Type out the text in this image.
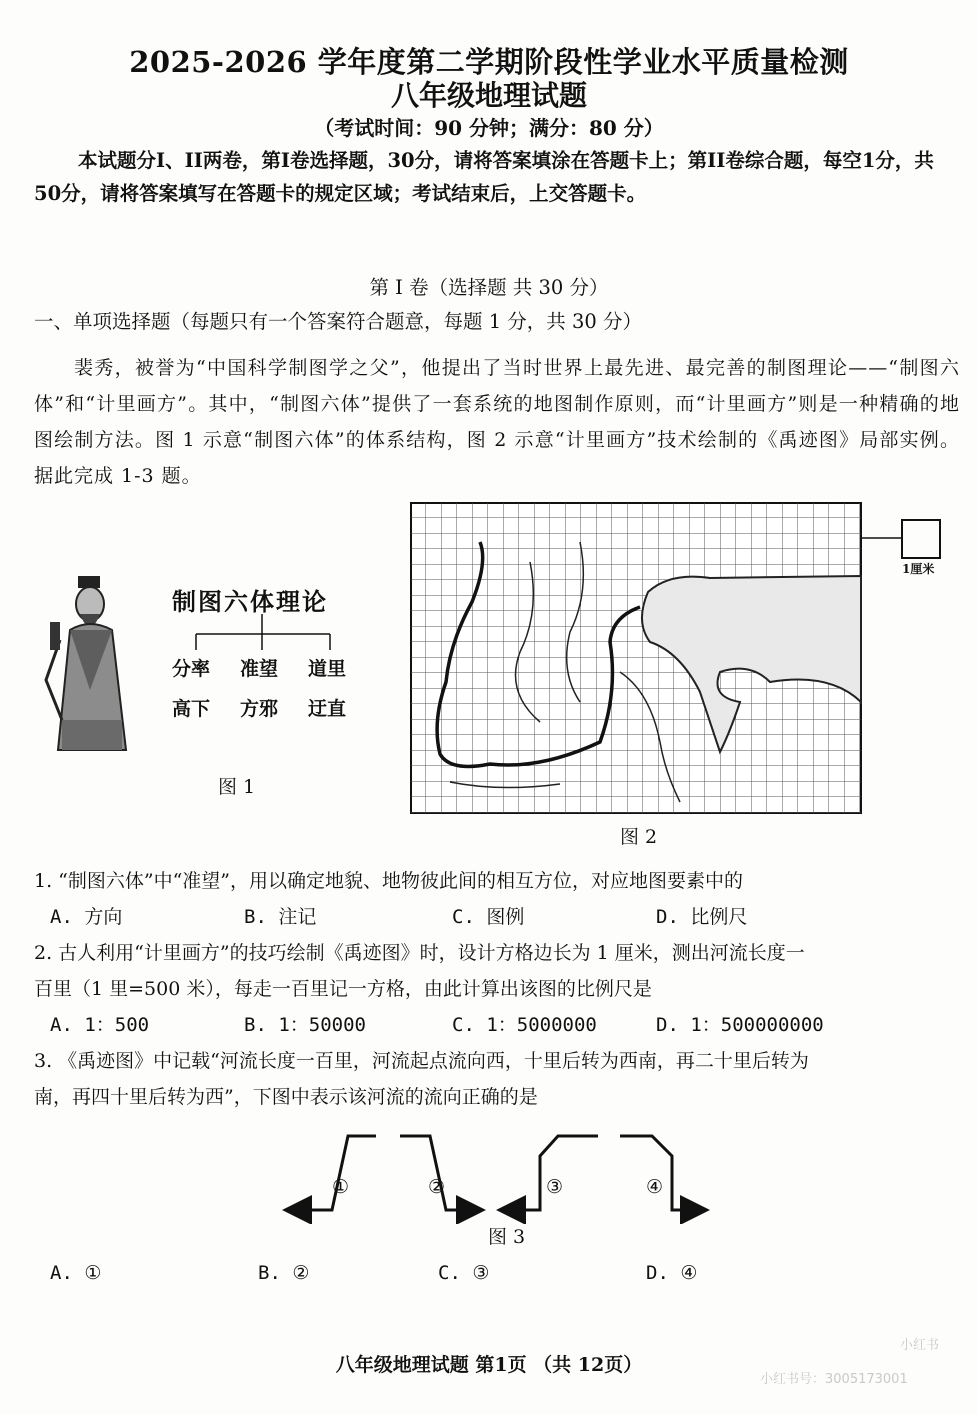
2025-2026 学年度第二学期阶段性学业水平质量检测
八年级地理试题
（考试时间：90 分钟；满分：80 分）
本试题分I、II两卷，第I卷选择题，30分，请将答案填涂在答题卡上；第II卷综合题，每空1分，共50分，请将答案填写在答题卡的规定区域；考试结束后，上交答题卡。
第 I 卷（选择题 共 30 分）
一、单项选择题（每题只有一个答案符合题意，每题 1 分，共 30 分）
裴秀，被誉为“中国科学制图学之父”，他提出了当时世界上最先进、最完善的制图理论——“制图六体”和“计里画方”。其中，“制图六体”提供了一套系统的地图制作原则，而“计里画方”则是一种精确的地图绘制方法。图 1 示意“制图六体”的体系结构，图 2 示意“计里画方”技术绘制的《禹迹图》局部实例。据此完成 1-3 题。
制图六体理论
分率 准望 道里
高下 方邪 迂直
图 1
1厘米
图 2
1. “制图六体”中“准望”，用以确定地貌、地物彼此间的相互方位，对应地图要素中的
A. 方向	B. 注记	C. 图例	D. 比例尺
2. 古人利用“计里画方”的技巧绘制《禹迹图》时，设计方格边长为 1 厘米，测出河流长度一
百里（1 里=500 米），每走一百里记一方格，由此计算出该图的比例尺是
A. 1：500	B. 1：50000	C. 1：5000000	D. 1：500000000
3. 《禹迹图》中记载“河流长度一百里，河流起点流向西，十里后转为西南，再二十里后转为
南，再四十里后转为西”，下图中表示该河流的流向正确的是
①	②	③	④
图 3
A. ①	B. ②	C. ③	D. ④
八年级地理试题 第1页 （共 12页）
小红书
小红书号：3005173001
